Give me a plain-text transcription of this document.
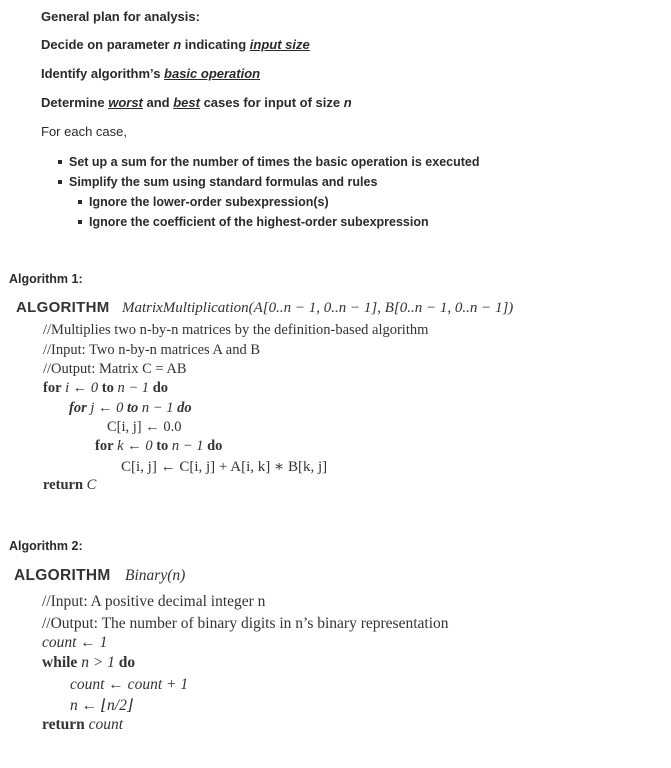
General plan for analysis:
Decide on parameter n indicating input size
Identify algorithm’s basic operation
Determine worst and best cases for input of size n
For each case,
Set up a sum for the number of times the basic operation is executed
Simplify the sum using standard formulas and rules
Ignore the lower-order subexpression(s)
Ignore the coefficient of the highest-order subexpression
Algorithm 1:
ALGORITHM MatrixMultiplication(A[0..n − 1, 0..n − 1], B[0..n − 1, 0..n − 1])
//Multiplies two n-by-n matrices by the definition-based algorithm
//Input: Two n-by-n matrices A and B
//Output: Matrix C = AB
for i ← 0 to n − 1 do
for j ← 0 to n − 1 do
C[i, j] ← 0.0
for k ← 0 to n − 1 do
C[i, j] ← C[i, j] + A[i, k] ∗ B[k, j]
return C
Algorithm 2:
ALGORITHM Binary(n)
//Input: A positive decimal integer n
//Output: The number of binary digits in n’s binary representation
count ← 1
while n > 1 do
count ← count + 1
n ← ⌊n/2⌋
return count
